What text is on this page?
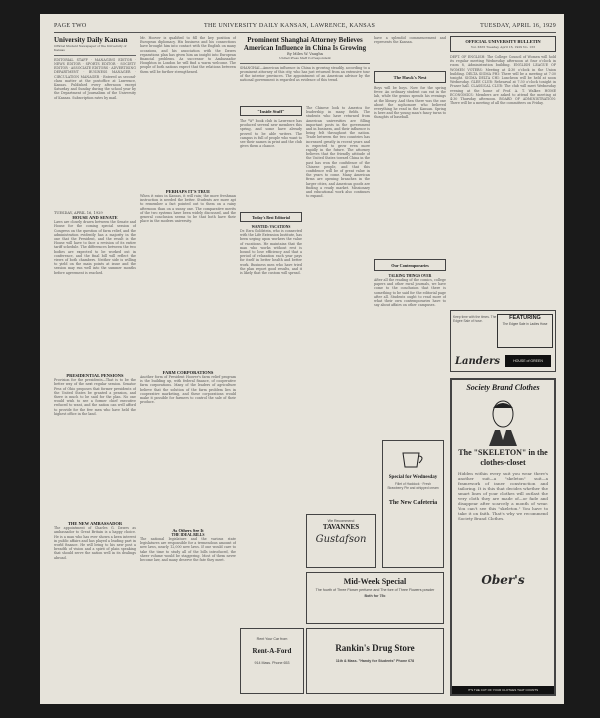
PAGE TWO	THE UNIVERSITY DAILY KANSAN, LAWRENCE, KANSAS	TUESDAY, APRIL 16, 1929
University Daily Kansan
Official Student Newspaper of the University of Kansas

EDITORIAL STAFF · MANAGING EDITOR · NEWS EDITOR · SPORTS EDITOR · SOCIETY EDITOR · ASSOCIATE EDITORS · ADVERTISING DEPARTMENT · BUSINESS MANAGER · CIRCULATION MANAGER · Entered as second-class matter at the postoffice at Lawrence, Kansas. Published every afternoon except Saturday and Sunday during the school year by the Department of Journalism of the University of Kansas. Subscription rates by mail.

TUESDAY, APRIL 16, 1929
HOUSE AND SENATE

Laws are closely drawn between the Senate and House for the coming special session of Congress on the question of farm relief, and the administration evidently has a majority in the one that the President, and the result is the House will have to face a revision of its entire tariff schedule. The differences between the two bodies are expected to be worked out in conference, and the final bill will reflect the views of both chambers. Neither side is willing to yield on the main points at issue and the session may run well into the summer months before agreement is reached.

PRESIDENTIAL PENSIONS

Provision for the presidents—That is to be the better way of the next regular session. Senator Fess of Ohio proposes that former presidents of the United States be granted a pension, and there is much to be said for the plan. No one would wish to see a former chief executive reduced to want, and the nation can well afford to provide for the few men who have held the highest office in the land.

THE NEW AMBASSADOR

The appointment of Charles G. Dawes as ambassador to Great Britain is a happy choice. He is a man who has ever shown a keen interest in public affairs and has played a leading part in world finance. He will bring to his new post a breadth of vision and a spirit of plain speaking that should serve the nation well in its dealings abroad.

Mr. Hoover is qualified to fill the key position of European diplomacy. His business and his connections have brought him into contact with the English on many occasions, and his association with the Dawes reparations plan has given him an insight into European financial problems. As successor to Ambassador Houghton in London he will find a warm welcome. The people of both nations expect that the relations between them will be further strengthened.

PERHAPS IT'S TRUE

When it rains in Kansas, it will rain; the more freshman instruction is needed the better. Students are more apt to remember a fact pointed out to them on a rainy afternoon than on a sunny one. The comparative merits of the two systems have been widely discussed, and the general conclusion seems to be that both have their place in the modern university.

FARM CORPORATIONS

Another form of President Hoover's farm relief program is the building up, with federal finance, of cooperative farm corporations. Many of the leaders of agriculture believe that the solution of the farm problem lies in cooperative marketing, and these corporations would make it possible for farmers to control the sale of their produce.

As Others See It
THE IDEAL BILLS

The national legislature and the various state legislatures are responsible for a tremendous amount of new laws, nearly 12,000 new laws. If one would care to take the time to study all of the bills introduced, the sheer volume would be staggering. Most of them never become law, and many deserve the fate they meet.

Prominent Shanghai Attorney Believes American Influence in China Is Growing
By Miles W. Vaughn
United Press Staff Correspondent

SHANGHAI—American influence in China is growing steadily, according to a prominent attorney of this city, who has just returned from an extensive tour of the interior provinces. The appointment of an American advisor by the national government is regarded as evidence of this trend.

"Inside Stuff"

The "W" book club in Lawrence has produced several new members this spring, and some have already proved to be able writers. The campus is full of people who want to see their names in print and the club gives them a chance.

Today's Best Editorial
WANTED: VACATIONS

Dr. Ezra Goldstein, who is connected with the Life Extension Institute, has been urging upon workers the value of vacations. He maintains that the man who works without rest is bound to lose efficiency and that a period of relaxation each year pays for itself in better health and better work. Business men who have tried the plan report good results, and it is likely that the custom will spread.

The Chinese look to America for leadership in many fields. The students who have returned from American universities are filling important posts in the government and in business, and their influence is being felt throughout the nation. Trade between the two countries has increased greatly in recent years and is expected to grow even more rapidly in the future. The attorney believes that the friendly attitude of the United States toward China in the past has won the confidence of the Chinese people, and that this confidence will be of great value in the years to come. Many American firms are opening branches in the larger cities, and American goods are finding a ready market. Missionary and educational work also continues to expand.

have a splendid commencement and represents the Kansan.

The Hawk's Nest

Boys will be boys. Now for the spring fever. An ordinary student can eat in the lab, while the genius spends his evenings at the library. And then there was the one about the sophomore who believed everything he read in the Kansan. Spring is here and the young man's fancy turns to thoughts of baseball.

Our Contemporaries
TALKING THINGS OVER

After all the reading of the comics, college papers and other rural journals, we have come to the conclusion that there is something to be said for the editorial page after all. Students ought to read more of what their own contemporaries have to say about affairs on other campuses.

OFFICIAL UNIVERSITY BULLETIN
Vol. XXVI Tuesday, April 16, 1929 No. 133

DEPT. OF ENGLISH: The College Council of Women will hold its regular meeting Wednesday afternoon at four o'clock in room 8, Administration building. ENGLISH LEAGUE OF WOMEN VOTERS: Meeting at 4:30 o'clock in the Union building. DELTA SIGMA PHI: There will be a meeting at 7:30 tonight. SIGMA DELTA CHI: Luncheon will be held at noon Wednesday. GLEE CLUB: Rehearsal at 7:30 o'clock tonight in Fraser hall. CLASSICAL CLUB: The club will meet Wednesday evening at the home of Prof. A. T. Walker. HOME ECONOMICS: Members are asked to attend the meeting at 4:30 Thursday afternoon. BOARD OF ADMINISTRATION: There will be a meeting of all the committees on Friday.

Keep time with the times. The Edgee Sale of hose.
FEATURING
The Edgee Sale in Ladies Hose
Landers	HOUSE of GREEN
Society Brand Clothes
The "SKELETON" in the clothes-closet

Hidden within every suit you wear there's another suit—a "skeleton" suit—a framework of inner construction and tailoring. It is this that decides whether the smart lines of your clothes will outlast the very cloth they are made of—or fade and disappear after scarcely a month of wear. You can't see this "skeleton." You have to take it on faith. That's why we recommend Society Brand Clothes.

Ober's
IT'S THE CUT OF YOUR CLOTHES THAT COUNTS
We Recommend
TAVANNES
Gustafson
Special for Wednesday

Fillet of Haddock · Fresh Strawberry Pie and whipped cream

The New Cafeteria
Mid-Week Special
The fourth of Three Flower perfume and The fore of Three Flowers powder
Both for 75c
Rent Your Car from
Rent-A-Ford
914 Mass. Phone 653
Rankin's Drug Store
11th & Mass. "Handy for Students" Phone 678
